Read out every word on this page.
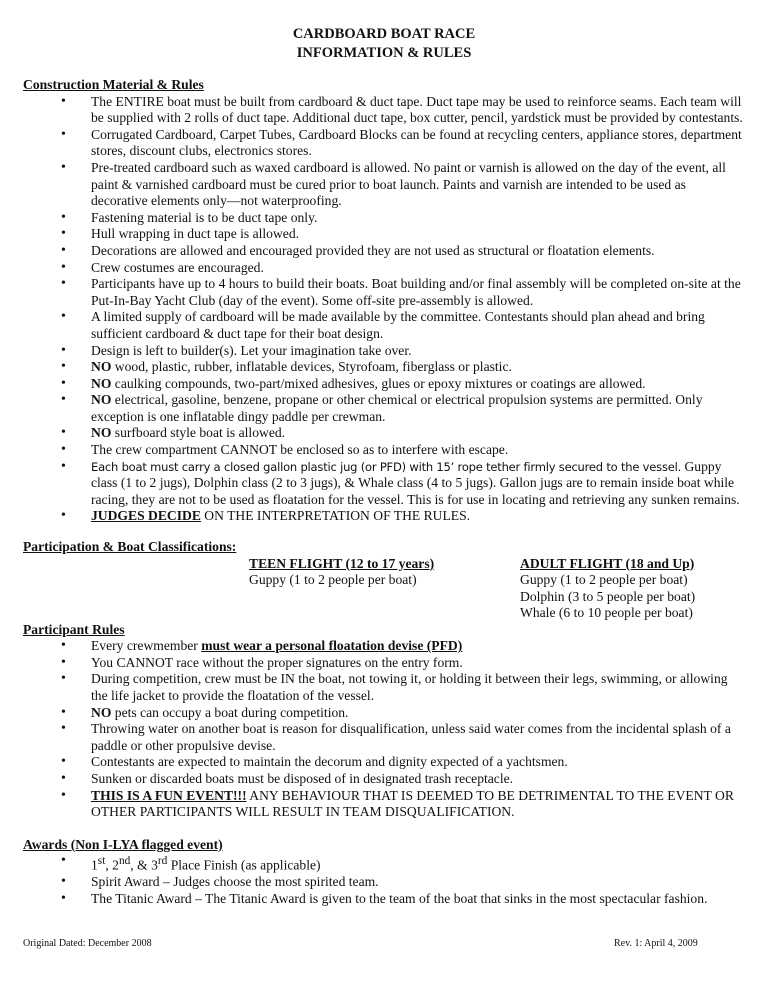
CARDBOARD BOAT RACE
INFORMATION & RULES
Construction Material & Rules
• The ENTIRE boat must be built from cardboard & duct tape. Duct tape may be used to reinforce seams. Each team will be supplied with 2 rolls of duct tape. Additional duct tape, box cutter, pencil, yardstick must be provided by contestants.
• Corrugated Cardboard, Carpet Tubes, Cardboard Blocks can be found at recycling centers, appliance stores, department stores, discount clubs, electronics stores.
• Pre-treated cardboard such as waxed cardboard is allowed. No paint or varnish is allowed on the day of the event, all paint & varnished cardboard must be cured prior to boat launch. Paints and varnish are intended to be used as decorative elements only—not waterproofing.
• Fastening material is to be duct tape only.
• Hull wrapping in duct tape is allowed.
• Decorations are allowed and encouraged provided they are not used as structural or floatation elements.
• Crew costumes are encouraged.
• Participants have up to 4 hours to build their boats. Boat building and/or final assembly will be completed on-site at the Put-In-Bay Yacht Club (day of the event). Some off-site pre-assembly is allowed.
• A limited supply of cardboard will be made available by the committee. Contestants should plan ahead and bring sufficient cardboard & duct tape for their boat design.
• Design is left to builder(s). Let your imagination take over.
• NO wood, plastic, rubber, inflatable devices, Styrofoam, fiberglass or plastic.
• NO caulking compounds, two-part/mixed adhesives, glues or epoxy mixtures or coatings are allowed.
• NO electrical, gasoline, benzene, propane or other chemical or electrical propulsion systems are permitted. Only exception is one inflatable dingy paddle per crewman.
• NO surfboard style boat is allowed.
• The crew compartment CANNOT be enclosed so as to interfere with escape.
• Each boat must carry a closed gallon plastic jug (or PFD) with 15’ rope tether firmly secured to the vessel. Guppy class (1 to 2 jugs), Dolphin class (2 to 3 jugs), & Whale class (4 to 5 jugs). Gallon jugs are to remain inside boat while racing, they are not to be used as floatation for the vessel. This is for use in locating and retrieving any sunken remains.
• JUDGES DECIDE ON THE INTERPRETATION OF THE RULES.
Participation & Boat Classifications:
TEEN FLIGHT (12 to 17 years)
Guppy (1 to 2 people per boat)
ADULT FLIGHT (18 and Up)
Guppy (1 to 2 people per boat)
Dolphin (3 to 5 people per boat)
Whale (6 to 10 people per boat)
Participant Rules
• Every crewmember must wear a personal floatation devise (PFD)
• You CANNOT race without the proper signatures on the entry form.
• During competition, crew must be IN the boat, not towing it, or holding it between their legs, swimming, or allowing the life jacket to provide the floatation of the vessel.
• NO pets can occupy a boat during competition.
• Throwing water on another boat is reason for disqualification, unless said water comes from the incidental splash of a paddle or other propulsive devise.
• Contestants are expected to maintain the decorum and dignity expected of a yachtsmen.
• Sunken or discarded boats must be disposed of in designated trash receptacle.
• THIS IS A FUN EVENT!!! ANY BEHAVIOUR THAT IS DEEMED TO BE DETRIMENTAL TO THE EVENT OR OTHER PARTICIPANTS WILL RESULT IN TEAM DISQUALIFICATION.
Awards (Non I-LYA flagged event)
• 1st, 2nd, & 3rd Place Finish (as applicable)
• Spirit Award – Judges choose the most spirited team.
• The Titanic Award – The Titanic Award is given to the team of the boat that sinks in the most spectacular fashion.
Original Dated: December 2008	Rev. 1: April 4, 2009
